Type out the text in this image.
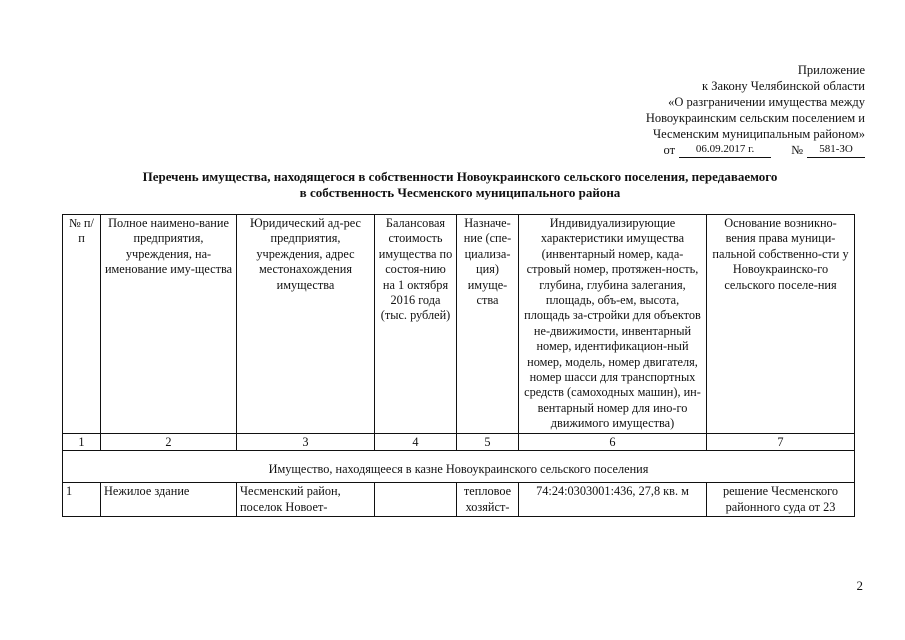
Приложение
к Закону Челябинской области
«О разграничении имущества между
Новоукраинским сельским поселением и
Чесменским муниципальным районом»
от	06.09.2017 г.	№	581-ЗО
Перечень имущества, находящегося в собственности Новоукраинского сельского поселения, передаваемого
в собственность Чесменского муниципального района
№ п/п	Полное наимено-вание предприятия, учреждения, на-именование иму-щества	Юридический ад-рес предприятия, учреждения, адрес местонахождения имущества	Балансовая стоимость имущества по состоя-нию на 1 октября 2016 года (тыс. рублей)	Назначе-ние (спе-циализа-ция) имуще-ства	Индивидуализирующие характеристики имущества (инвентарный номер, када-стровый номер, протяжен-ность, глубина, глубина залегания, площадь, объ-ем, высота, площадь за-стройки для объектов не-движимости, инвентарный номер, идентификацион-ный номер, модель, номер двигателя, номер шасси для транспортных средств (самоходных машин), ин-вентарный номер для ино-го движимого имущества)	Основание возникно-вения права муници-пальной собственно-сти у Новоукраинско-го сельского поселе-ния
1	2	3	4	5	6	7
Имущество, находящееся в казне Новоукраинского сельского поселения						
1	Нежилое здание	Чесменский район, поселок Новоет-		тепловое хозяйст-	74:24:0303001:436, 27,8 кв. м	решение Чесменского районного суда от 23
2
